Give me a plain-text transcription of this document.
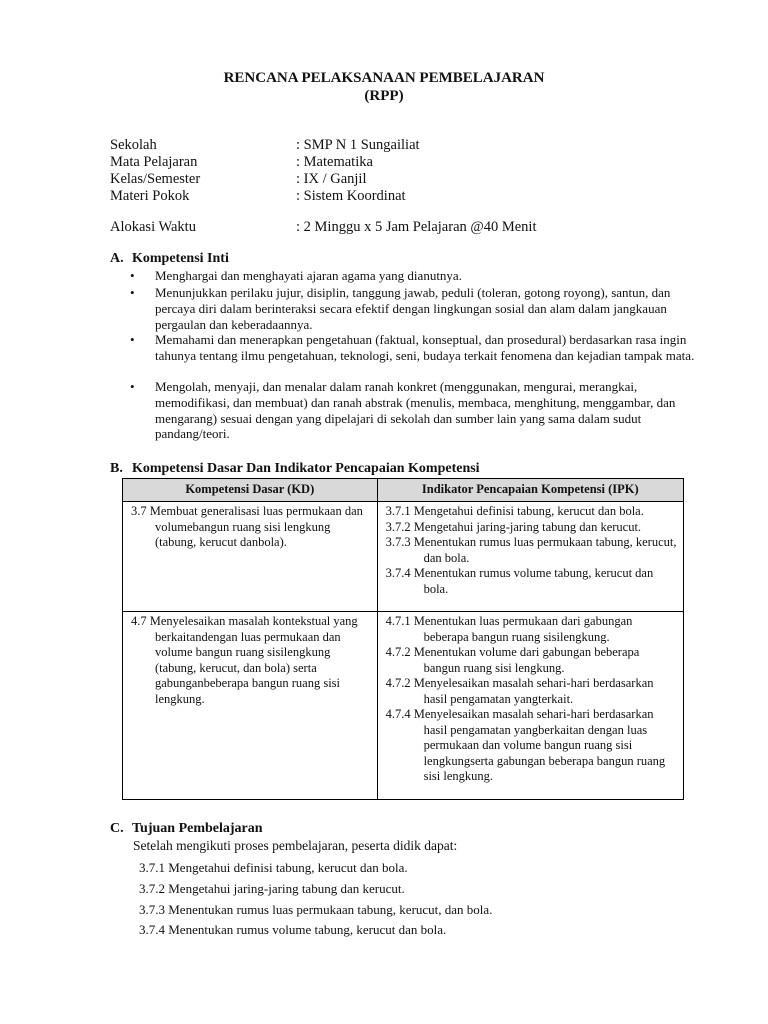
RENCANA PELAKSANAAN PEMBELAJARAN
(RPP)
Sekolah	: SMP N 1 Sungailiat
Mata Pelajaran	: Matematika
Kelas/Semester	: IX / Ganjil
Materi Pokok	: Sistem Koordinat
Alokasi Waktu	: 2 Minggu x 5 Jam Pelajaran @40 Menit
A. Kompetensi Inti
• Menghargai dan menghayati ajaran agama yang dianutnya.
• Menunjukkan perilaku jujur, disiplin, tanggung jawab, peduli (toleran, gotong royong), santun, dan percaya diri dalam berinteraksi secara efektif dengan lingkungan sosial dan alam dalam jangkauan pergaulan dan keberadaannya.
• Memahami dan menerapkan pengetahuan (faktual, konseptual, dan prosedural) berdasarkan rasa ingin tahunya tentang ilmu pengetahuan, teknologi, seni, budaya terkait fenomena dan kejadian tampak mata.
• Mengolah, menyaji, dan menalar dalam ranah konkret (menggunakan, mengurai, merangkai, memodifikasi, dan membuat) dan ranah abstrak (menulis, membaca, menghitung, menggambar, dan mengarang) sesuai dengan yang dipelajari di sekolah dan sumber lain yang sama dalam sudut pandang/teori.
B. Kompetensi Dasar Dan Indikator Pencapaian Kompetensi
Kompetensi Dasar (KD)	Indikator Pencapaian Kompetensi (IPK)

3.7 Membuat generalisasi luas permukaan dan volumebangun ruang sisi lengkung (tabung, kerucut danbola).	3.7.1 Mengetahui definisi tabung, kerucut dan bola.
3.7.2 Mengetahui jaring-jaring tabung dan kerucut.
3.7.3 Menentukan rumus luas permukaan tabung, kerucut, dan bola.
3.7.4 Menentukan rumus volume tabung, kerucut dan bola.

4.7 Menyelesaikan masalah kontekstual yang berkaitandengan luas permukaan dan volume bangun ruang sisilengkung (tabung, kerucut, dan bola) serta gabunganbeberapa bangun ruang sisi lengkung.	4.7.1 Menentukan luas permukaan dari gabungan beberapa bangun ruang sisilengkung.
4.7.2 Menentukan volume dari gabungan beberapa bangun ruang sisi lengkung.
4.7.2 Menyelesaikan masalah sehari-hari berdasarkan hasil pengamatan yangterkait.
4.7.4 Menyelesaikan masalah sehari-hari berdasarkan hasil pengamatan yangberkaitan dengan luas permukaan dan volume bangun ruang sisi lengkungserta gabungan beberapa bangun ruang sisi lengkung.
C. Tujuan Pembelajaran
Setelah mengikuti proses pembelajaran, peserta didik dapat:
3.7.1 Mengetahui definisi tabung, kerucut dan bola.
3.7.2 Mengetahui jaring-jaring tabung dan kerucut.
3.7.3 Menentukan rumus luas permukaan tabung, kerucut, dan bola.
3.7.4 Menentukan rumus volume tabung, kerucut dan bola.
